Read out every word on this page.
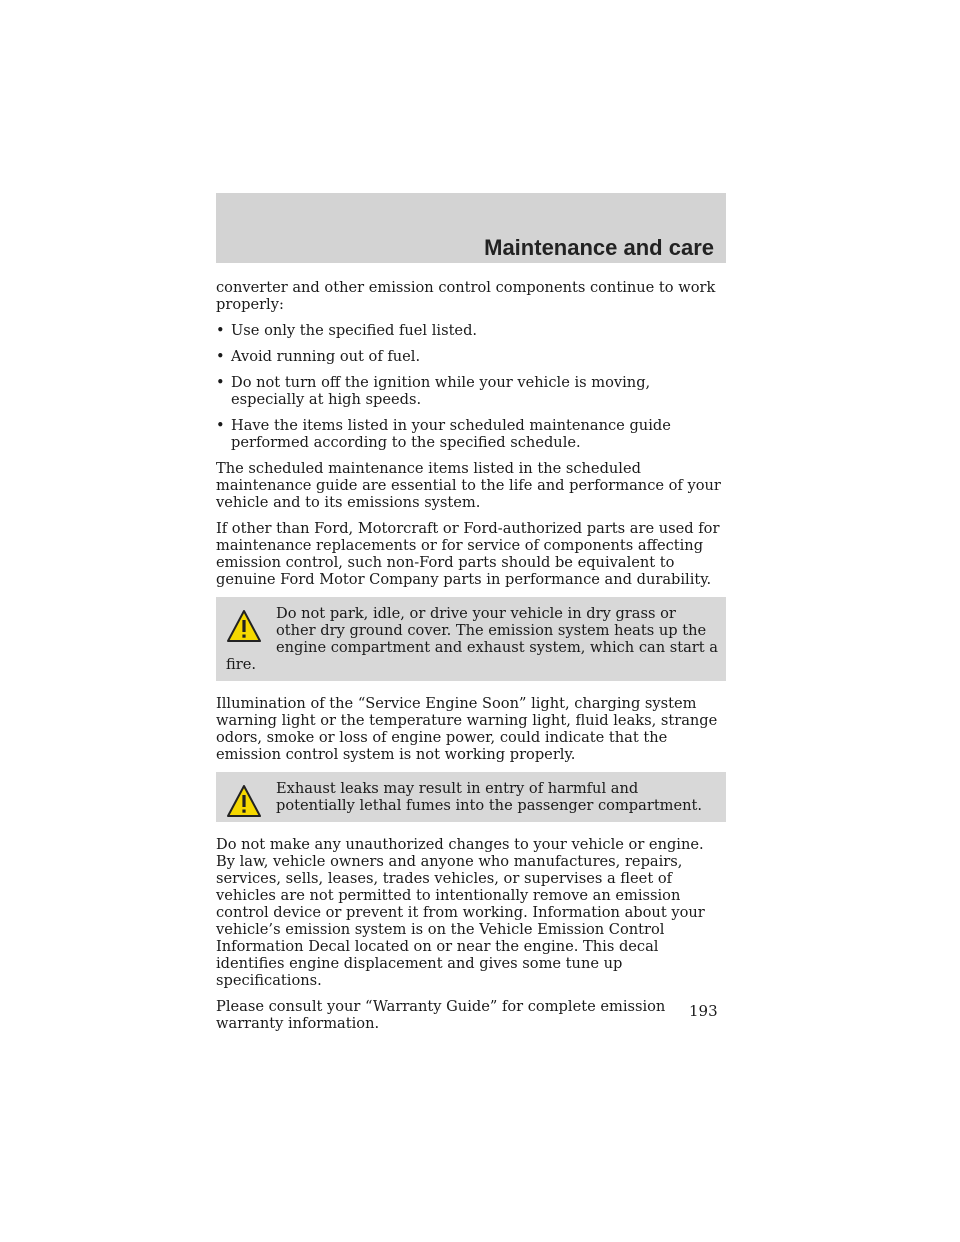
Maintenance and care

converter and other emission control components continue to work properly:

• Use only the specified fuel listed.
• Avoid running out of fuel.
• Do not turn off the ignition while your vehicle is moving, especially at high speeds.
• Have the items listed in your scheduled maintenance guide performed according to the specified schedule.

The scheduled maintenance items listed in the scheduled maintenance guide are essential to the life and performance of your vehicle and to its emissions system.

If other than Ford, Motorcraft or Ford-authorized parts are used for maintenance replacements or for service of components affecting emission control, such non-Ford parts should be equivalent to genuine Ford Motor Company parts in performance and durability.

Do not park, idle, or drive your vehicle in dry grass or other dry ground cover. The emission system heats up the engine compartment and exhaust system, which can start a fire.

Illumination of the “Service Engine Soon” light, charging system warning light or the temperature warning light, fluid leaks, strange odors, smoke or loss of engine power, could indicate that the emission control system is not working properly.

Exhaust leaks may result in entry of harmful and potentially lethal fumes into the passenger compartment.

Do not make any unauthorized changes to your vehicle or engine. By law, vehicle owners and anyone who manufactures, repairs, services, sells, leases, trades vehicles, or supervises a fleet of vehicles are not permitted to intentionally remove an emission control device or prevent it from working. Information about your vehicle’s emission system is on the Vehicle Emission Control Information Decal located on or near the engine. This decal identifies engine displacement and gives some tune up specifications.

Please consult your “Warranty Guide” for complete emission warranty information.

193
